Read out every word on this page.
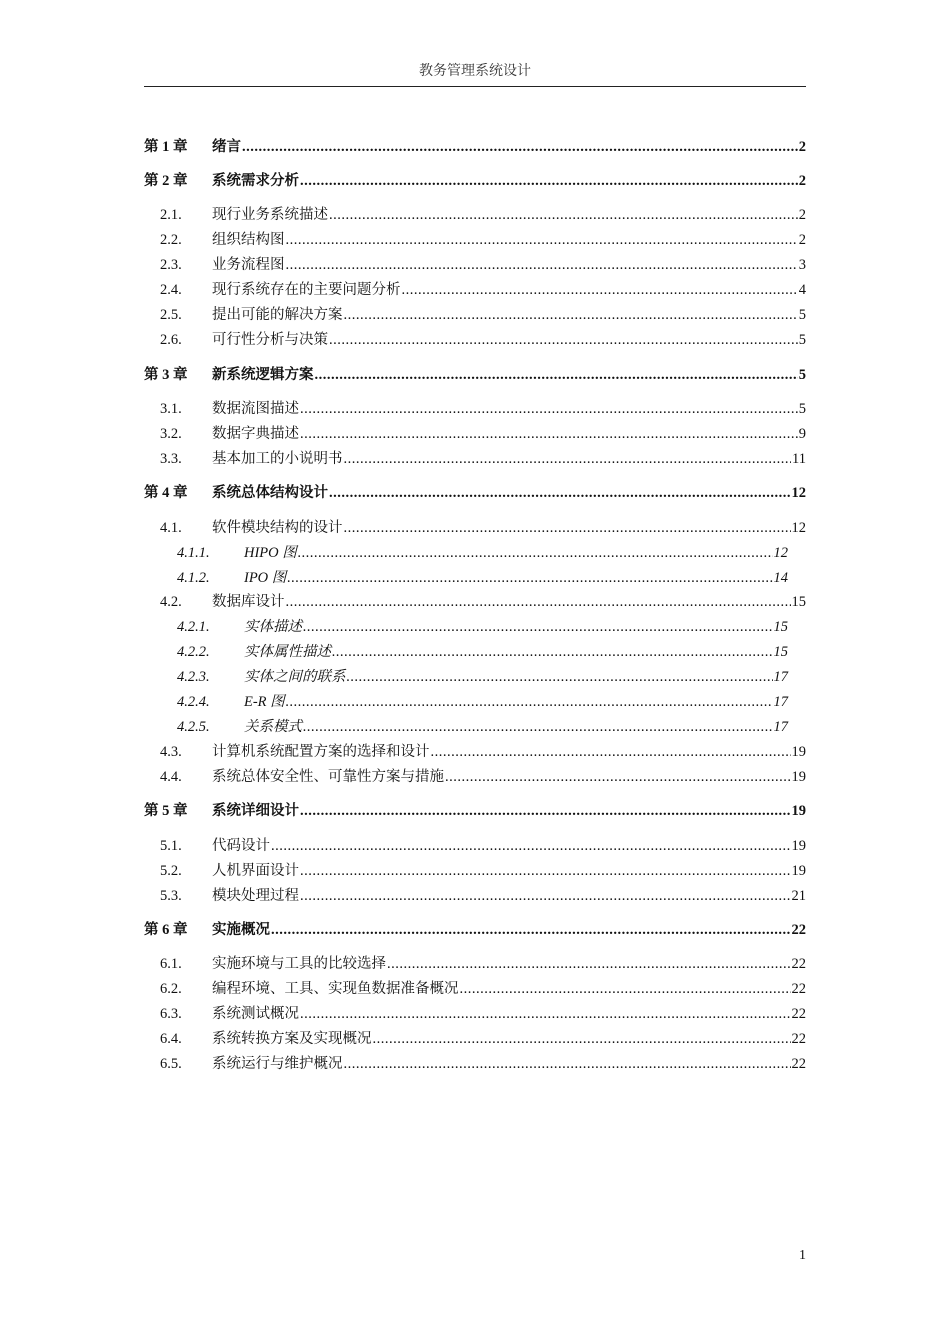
教务管理系统设计
第 1 章 绪言 .....	2
第 2 章 系统需求分析 .....	2
2.1. 现行业务系统描述 .....	2
2.2. 组织结构图 .....	2
2.3. 业务流程图 .....	3
2.4. 现行系统存在的主要问题分析 .....	4
2.5. 提出可能的解决方案 .....	5
2.6. 可行性分析与决策 .....	5
第 3 章 新系统逻辑方案 .....	5
3.1. 数据流图描述 .....	5
3.2. 数据字典描述 .....	9
3.3. 基本加工的小说明书 .....	11
第 4 章 系统总体结构设计 .....	12
4.1. 软件模块结构的设计 .....	12
4.1.1. HIPO 图 .....	12
4.1.2. IPO 图 .....	14
4.2. 数据库设计 .....	15
4.2.1. 实体描述 .....	15
4.2.2. 实体属性描述 .....	15
4.2.3. 实体之间的联系 .....	17
4.2.4. E-R 图 .....	17
4.2.5. 关系模式 .....	17
4.3. 计算机系统配置方案的选择和设计 .....	19
4.4. 系统总体安全性、可靠性方案与措施 .....	19
第 5 章 系统详细设计 .....	19
5.1. 代码设计 .....	19
5.2. 人机界面设计 .....	19
5.3. 模块处理过程 .....	21
第 6 章 实施概况 .....	22
6.1. 实施环境与工具的比较选择 .....	22
6.2. 编程环境、工具、实现鱼数据准备概况 .....	22
6.3. 系统测试概况 .....	22
6.4. 系统转换方案及实现概况 .....	22
6.5. 系统运行与维护概况 .....	22
1
